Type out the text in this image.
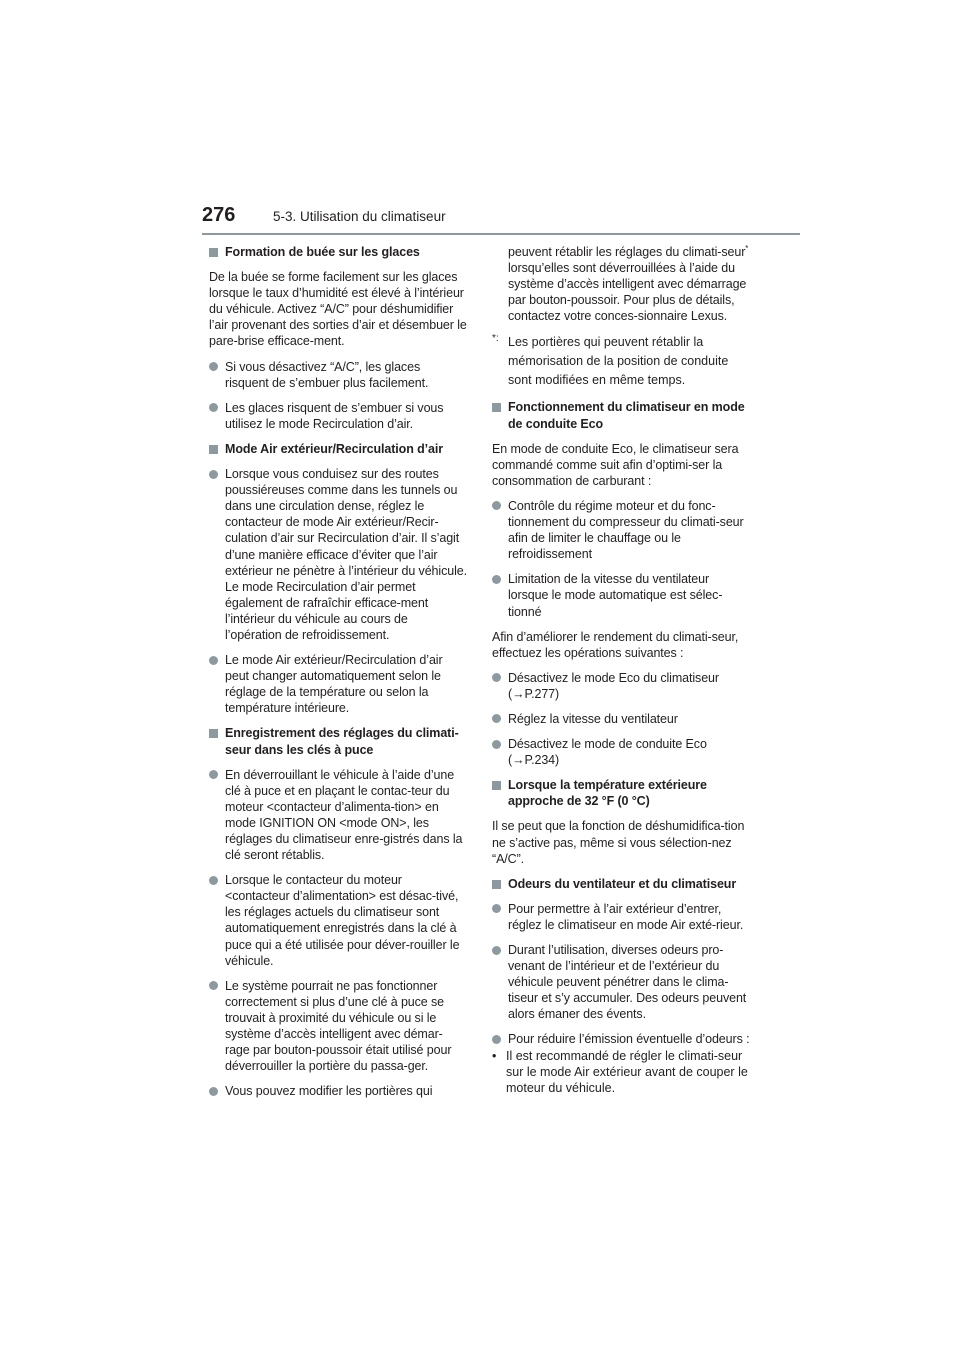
276	5-3. Utilisation du climatiseur

Formation de buée sur les glaces

De la buée se forme facilement sur les glaces lorsque le taux d’humidité est élevé à l’intérieur du véhicule. Activez “A/C” pour déshumidifier l’air provenant des sorties d’air et désembuer le pare-brise efficace-ment.

Si vous désactivez “A/C”, les glaces risquent de s’embuer plus facilement.

Les glaces risquent de s’embuer si vous utilisez le mode Recirculation d’air.

Mode Air extérieur/Recirculation d’air

Lorsque vous conduisez sur des routes poussiéreuses comme dans les tunnels ou dans une circulation dense, réglez le contacteur de mode Air extérieur/Recir-culation d’air sur Recirculation d’air. Il s’agit d’une manière efficace d’éviter que l’air extérieur ne pénètre à l’intérieur du véhicule. Le mode Recirculation d’air permet également de rafraîchir efficace-ment l’intérieur du véhicule au cours de l’opération de refroidissement.

Le mode Air extérieur/Recirculation d’air peut changer automatiquement selon le réglage de la température ou selon la température intérieure.

Enregistrement des réglages du climati-seur dans les clés à puce

En déverrouillant le véhicule à l’aide d’une clé à puce et en plaçant le contac-teur du moteur <contacteur d’alimenta-tion> en mode IGNITION ON <mode ON>, les réglages du climatiseur enre-gistrés dans la clé seront rétablis.

Lorsque le contacteur du moteur <contacteur d’alimentation> est désac-tivé, les réglages actuels du climatiseur sont automatiquement enregistrés dans la clé à puce qui a été utilisée pour déver-rouiller le véhicule.

Le système pourrait ne pas fonctionner correctement si plus d’une clé à puce se trouvait à proximité du véhicule ou si le système d’accès intelligent avec démar-rage par bouton-poussoir était utilisé pour déverrouiller la portière du passa-ger.

Vous pouvez modifier les portières qui

peuvent rétablir les réglages du climati-seur* lorsqu’elles sont déverrouillées à l’aide du système d’accès intelligent avec démarrage par bouton-poussoir. Pour plus de détails, contactez votre conces-sionnaire Lexus.

*: Les portières qui peuvent rétablir la mémorisation de la position de conduite sont modifiées en même temps.

Fonctionnement du climatiseur en mode de conduite Eco

En mode de conduite Eco, le climatiseur sera commandé comme suit afin d’optimi-ser la consommation de carburant :

Contrôle du régime moteur et du fonc-tionnement du compresseur du climati-seur afin de limiter le chauffage ou le refroidissement

Limitation de la vitesse du ventilateur lorsque le mode automatique est sélec-tionné

Afin d’améliorer le rendement du climati-seur, effectuez les opérations suivantes :

Désactivez le mode Eco du climatiseur
(→P.277)

Réglez la vitesse du ventilateur

Désactivez le mode de conduite Eco
(→P.234)

Lorsque la température extérieure approche de 32 °F (0 °C)

Il se peut que la fonction de déshumidifica-tion ne s’active pas, même si vous sélection-nez “A/C”.

Odeurs du ventilateur et du climatiseur

Pour permettre à l’air extérieur d’entrer, réglez le climatiseur en mode Air exté-rieur.

Durant l’utilisation, diverses odeurs pro-venant de l’intérieur et de l’extérieur du véhicule peuvent pénétrer dans le clima-tiseur et s’y accumuler. Des odeurs peuvent alors émaner des évents.

Pour réduire l’émission éventuelle d’odeurs :

• Il est recommandé de régler le climati-seur sur le mode Air extérieur avant de couper le moteur du véhicule.
